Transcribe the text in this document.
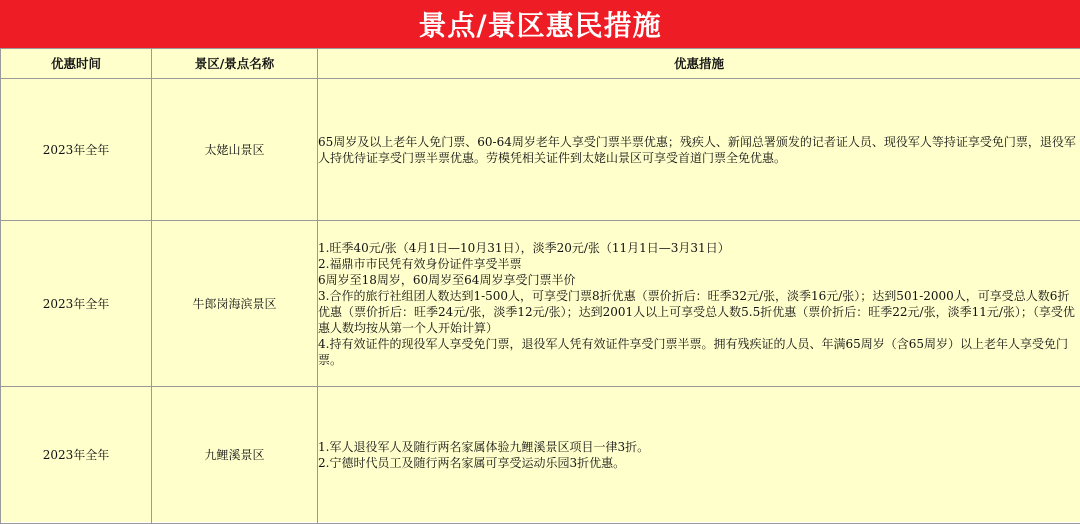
景点/景区惠民措施
优惠时间	景区/景点名称	优惠措施
2023年全年	太姥山景区	65周岁及以上老年人免门票、60-64周岁老年人享受门票半票优惠；残疾人、新闻总署颁发的记者证人员、现役军人等持证享受免门票，退役军人持优待证享受门票半票优惠。劳模凭相关证件到太姥山景区可享受首道门票全免优惠。

2023年全年	牛郎岗海滨景区	1.旺季40元/张（4月1日—10月31日），淡季20元/张（11月1日—3月31日）
2.福鼎市市民凭有效身份证件享受半票
6周岁至18周岁，60周岁至64周岁享受门票半价
3.合作的旅行社组团人数达到1-500人，可享受门票8折优惠（票价折后：旺季32元/张，淡季16元/张）；达到501-2000人，可享受总人数6折优惠（票价折后：旺季24元/张，淡季12元/张）；达到2001人以上可享受总人数5.5折优惠（票价折后：旺季22元/张，淡季11元/张）；（享受优惠人数均按从第一个人开始计算）
4.持有效证件的现役军人享受免门票，退役军人凭有效证件享受门票半票。拥有残疾证的人员、年满65周岁（含65周岁）以上老年人享受免门票。

2023年全年	九鲤溪景区	1.军人退役军人及随行两名家属体验九鲤溪景区项目一律3折。
2.宁德时代员工及随行两名家属可享受运动乐园3折优惠。
